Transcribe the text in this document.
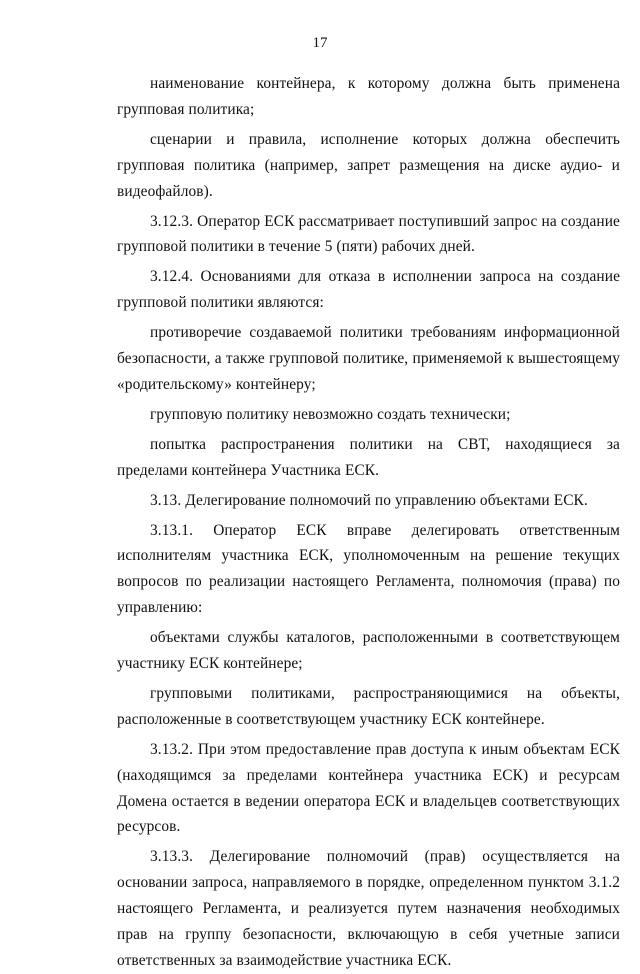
17

наименование контейнера, к которому должна быть применена групповая политика;

сценарии и правила, исполнение которых должна обеспечить групповая политика (например, запрет размещения на диске аудио- и видеофайлов).

3.12.3. Оператор ЕСК рассматривает поступивший запрос на создание групповой политики в течение 5 (пяти) рабочих дней.

3.12.4. Основаниями для отказа в исполнении запроса на создание групповой политики являются:

противоречие создаваемой политики требованиям информационной безопасности, а также групповой политике, применяемой к вышестоящему «родительскому» контейнеру;

групповую политику невозможно создать технически;

попытка распространения политики на СВТ, находящиеся за пределами контейнера Участника ЕСК.

3.13. Делегирование полномочий по управлению объектами ЕСК.

3.13.1. Оператор ЕСК вправе делегировать ответственным исполнителям участника ЕСК, уполномоченным на решение текущих вопросов по реализации настоящего Регламента, полномочия (права) по управлению:

объектами службы каталогов, расположенными в соответствующем участнику ЕСК контейнере;

групповыми политиками, распространяющимися на объекты, расположенные в соответствующем участнику ЕСК контейнере.

3.13.2. При этом предоставление прав доступа к иным объектам ЕСК (находящимся за пределами контейнера участника ЕСК) и ресурсам Домена остается в ведении оператора ЕСК и владельцев соответствующих ресурсов.

3.13.3. Делегирование полномочий (прав) осуществляется на основании запроса, направляемого в порядке, определенном пунктом 3.1.2 настоящего Регламента, и реализуется путем назначения необходимых прав на группу безопасности, включающую в себя учетные записи ответственных за взаимодействие участника ЕСК.
